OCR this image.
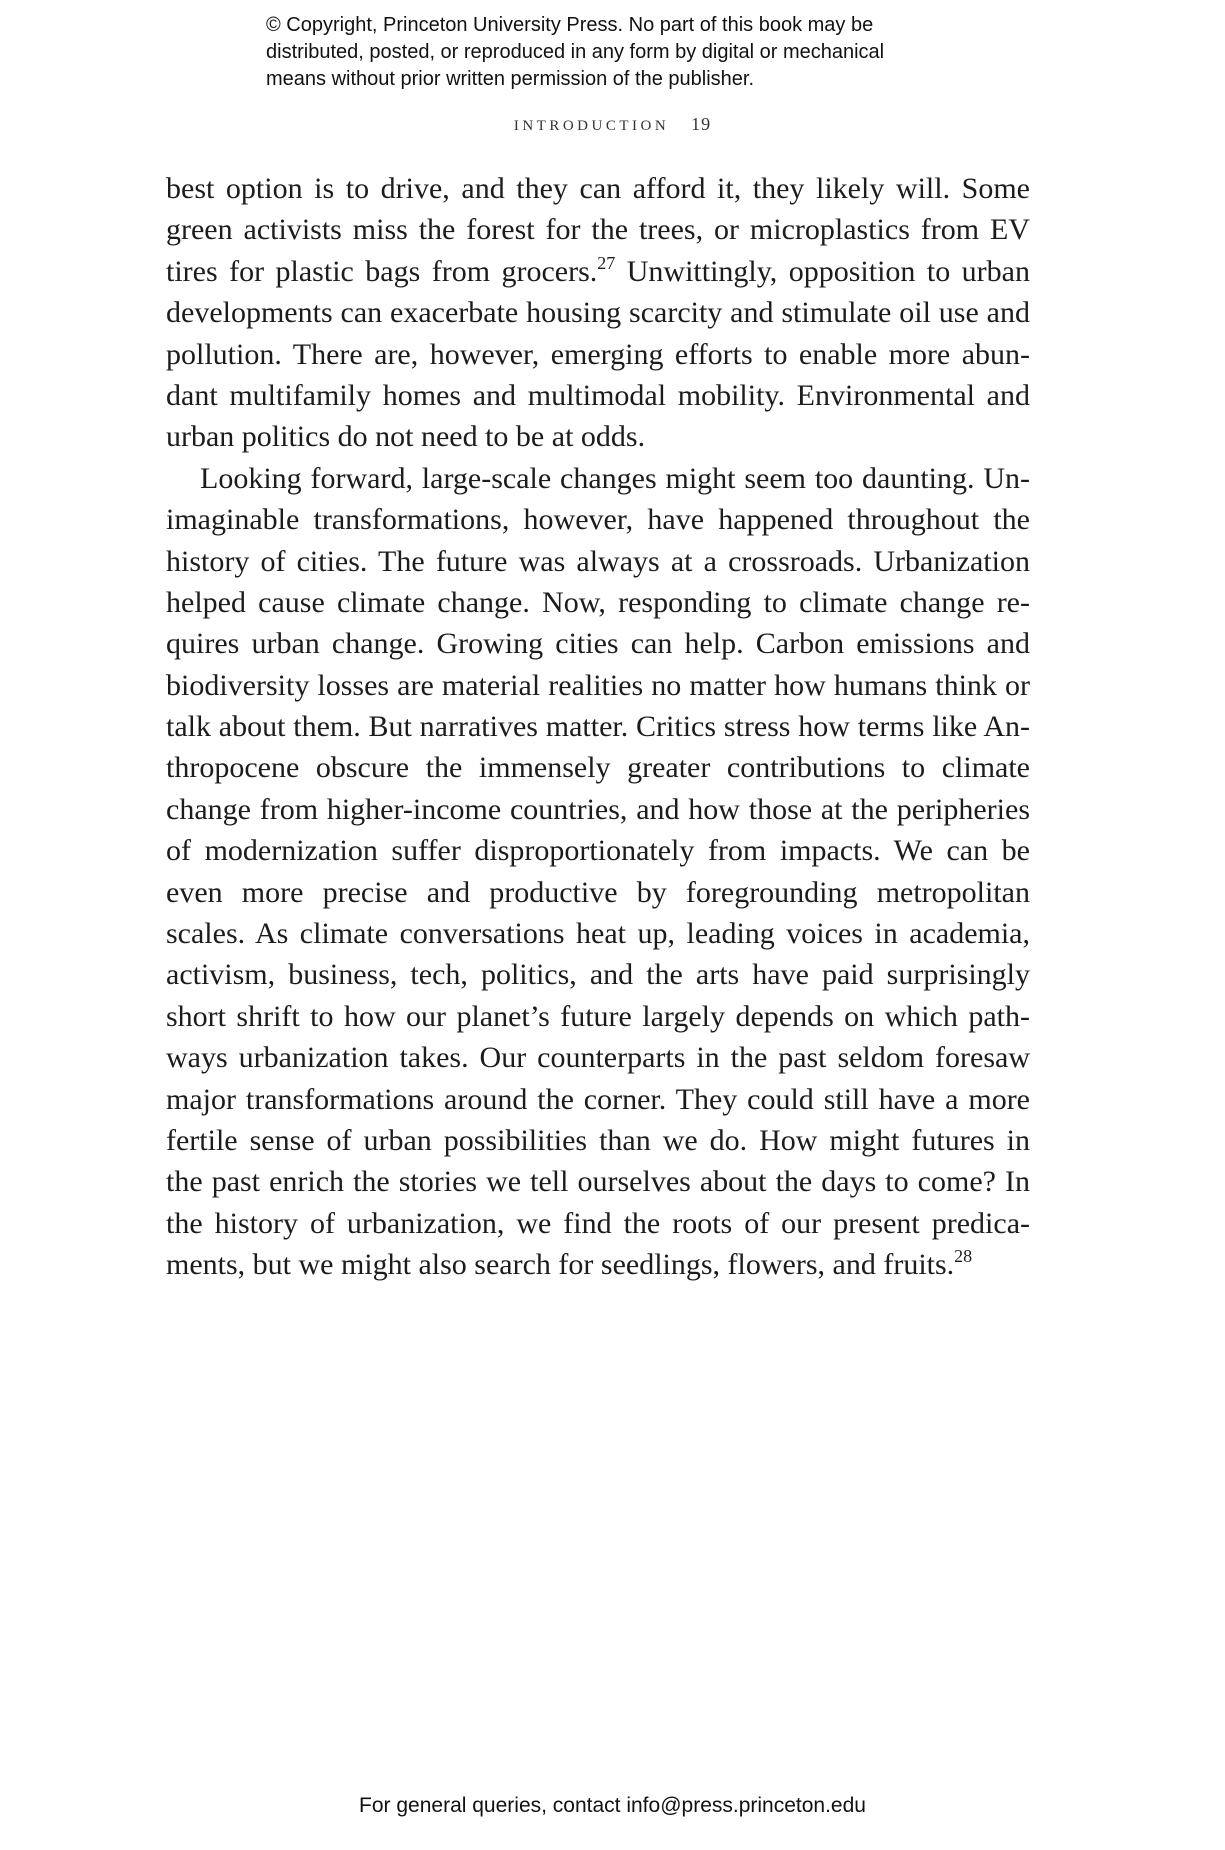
© Copyright, Princeton University Press. No part of this book may be
distributed, posted, or reproduced in any form by digital or mechanical
means without prior written permission of the publisher.
INTRODUCTION 19
best option is to drive, and they can afford it, they likely will. Some
green activists miss the forest for the trees, or microplastics from EV
tires for plastic bags from grocers.$^{27}$ Unwittingly, opposition to urban
developments can exacerbate housing scarcity and stimulate oil use and
pollution. There are, however, emerging efforts to enable more abun-
dant multifamily homes and multimodal mobility. Environmental and
urban politics do not need to be at odds.
Looking forward, large-scale changes might seem too daunting. Un-
imaginable transformations, however, have happened throughout the
history of cities. The future was always at a crossroads. Urbanization
helped cause climate change. Now, responding to climate change re-
quires urban change. Growing cities can help. Carbon emissions and
biodiversity losses are material realities no matter how humans think or
talk about them. But narratives matter. Critics stress how terms like An-
thropocene obscure the immensely greater contributions to climate
change from higher-income countries, and how those at the peripheries
of modernization suffer disproportionately from impacts. We can be
even more precise and productive by foregrounding metropolitan
scales. As climate conversations heat up, leading voices in academia,
activism, business, tech, politics, and the arts have paid surprisingly
short shrift to how our planet’s future largely depends on which path-
ways urbanization takes. Our counterparts in the past seldom foresaw
major transformations around the corner. They could still have a more
fertile sense of urban possibilities than we do. How might futures in
the past enrich the stories we tell ourselves about the days to come? In
the history of urbanization, we find the roots of our present predica-
ments, but we might also search for seedlings, flowers, and fruits.$^{28}$
For general queries, contact info@press.princeton.edu
